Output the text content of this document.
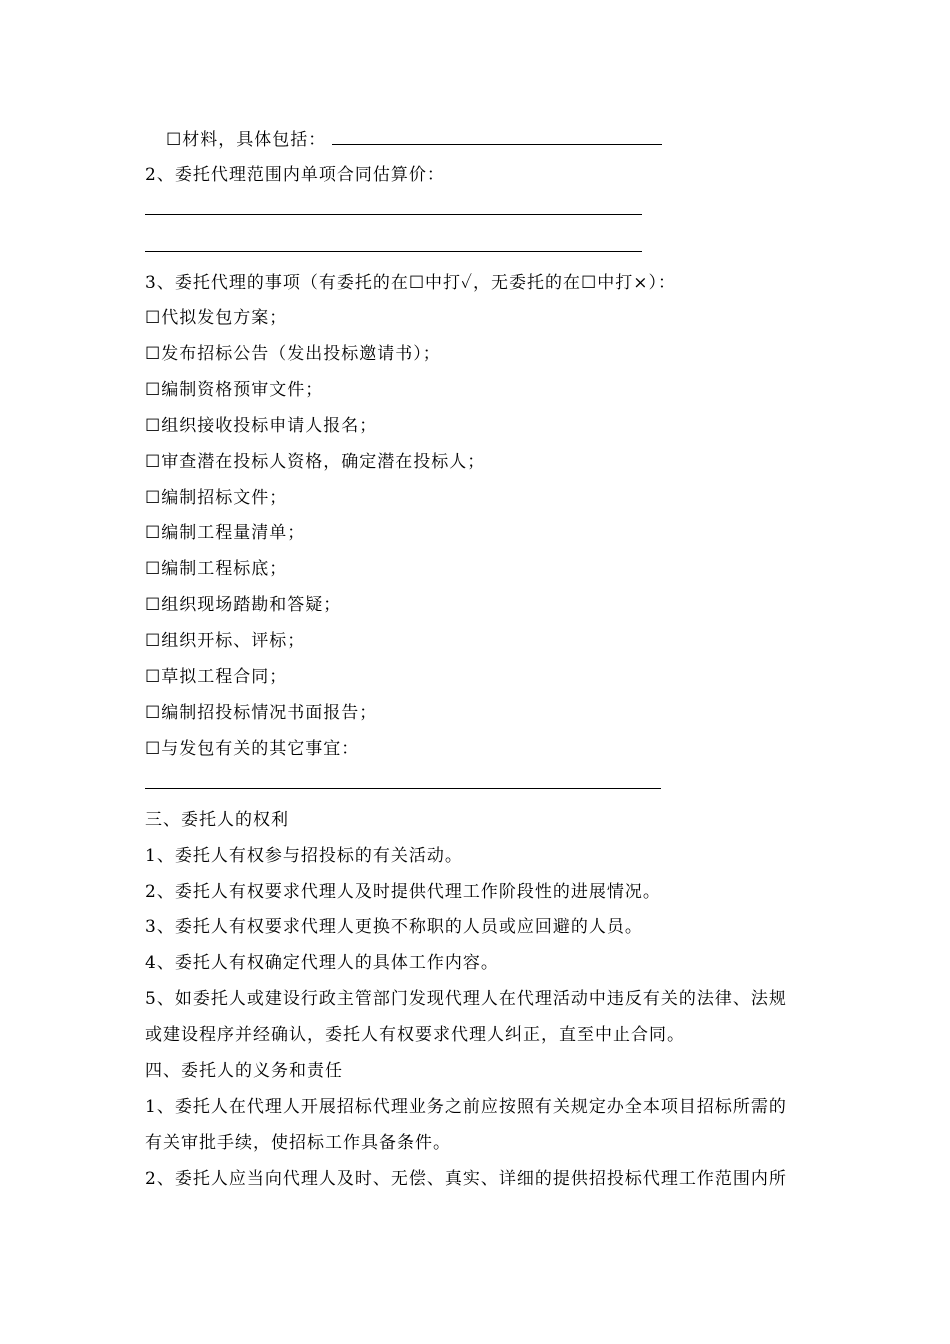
☐材料，具体包括：
2、委托代理范围内单项合同估算价：
3、委托代理的事项（有委托的在☐中打✓，无委托的在☐中打×）：
☐代拟发包方案；
☐发布招标公告（发出投标邀请书）；
☐编制资格预审文件；
☐组织接收投标申请人报名；
☐审查潜在投标人资格，确定潜在投标人；
☐编制招标文件；
☐编制工程量清单；
☐编制工程标底；
☐组织现场踏勘和答疑；
☐组织开标、评标；
☐草拟工程合同；
☐编制招投标情况书面报告；
☐与发包有关的其它事宜：
三、委托人的权利
1、委托人有权参与招投标的有关活动。
2、委托人有权要求代理人及时提供代理工作阶段性的进展情况。
3、委托人有权要求代理人更换不称职的人员或应回避的人员。
4、委托人有权确定代理人的具体工作内容。
5、如委托人或建设行政主管部门发现代理人在代理活动中违反有关的法律、法规
或建设程序并经确认，委托人有权要求代理人纠正，直至中止合同。
四、委托人的义务和责任
1、委托人在代理人开展招标代理业务之前应按照有关规定办全本项目招标所需的
有关审批手续，使招标工作具备条件。
2、委托人应当向代理人及时、无偿、真实、详细的提供招投标代理工作范围内所
